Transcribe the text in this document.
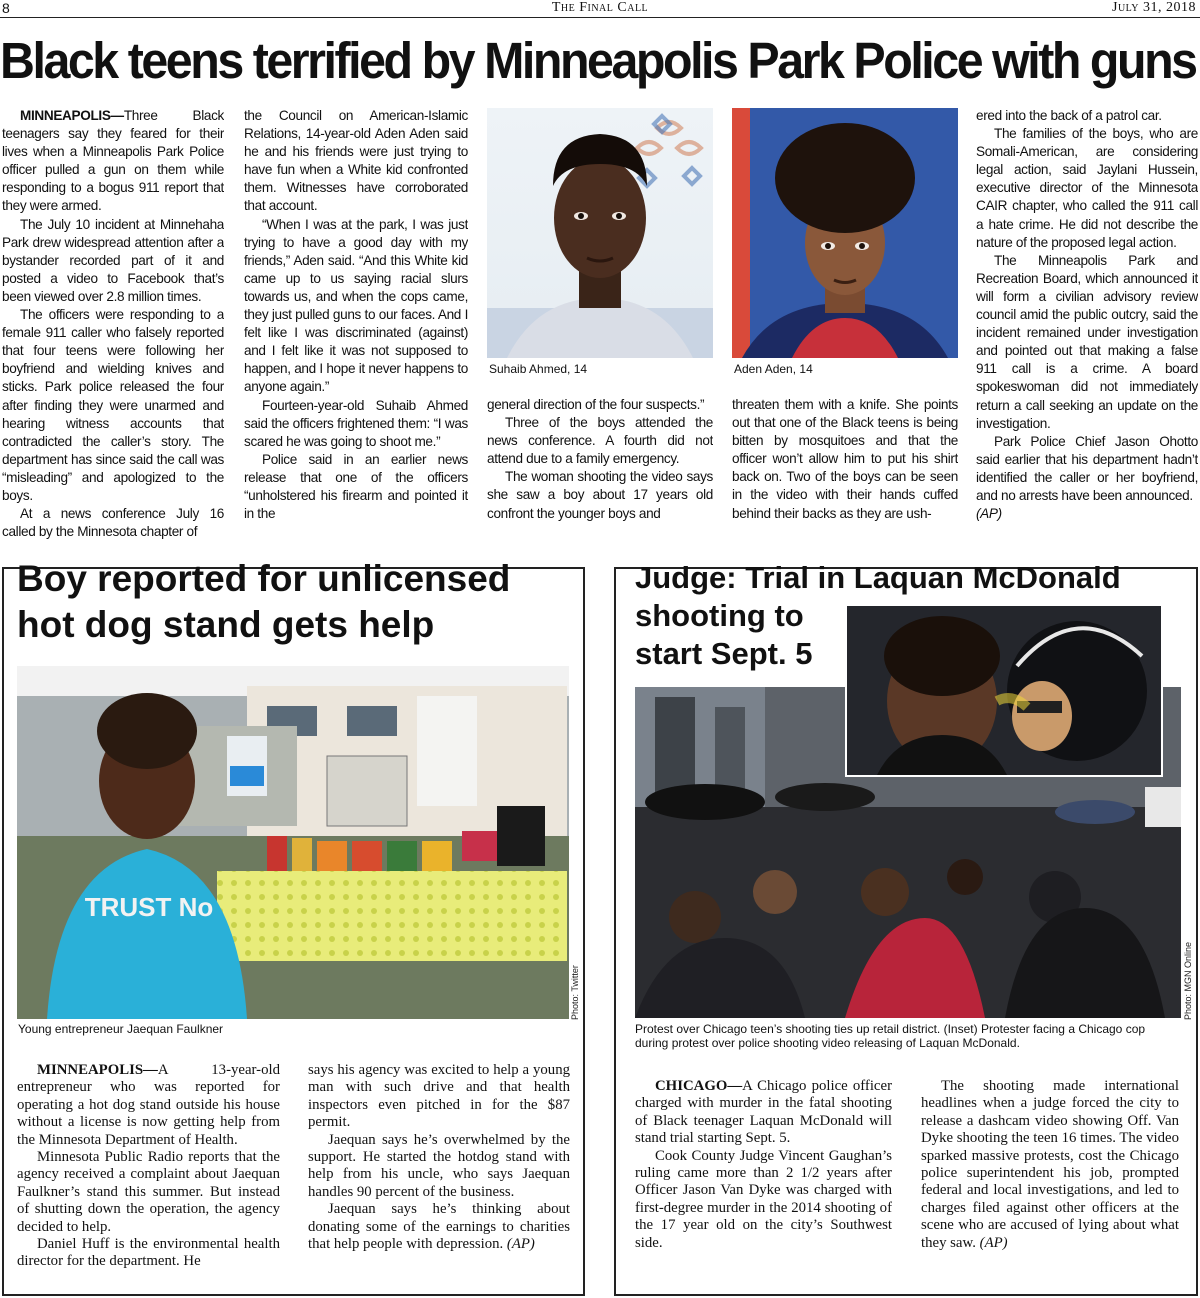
The Final Call
8	July 31, 2018
Black teens terrified by Minneapolis Park Police with guns

MINNEAPOLIS—Three Black teenagers say they feared for their lives when a Minneapolis Park Police officer pulled a gun on them while responding to a bogus 911 report that they were armed.

The July 10 incident at Minnehaha Park drew widespread attention after a bystander recorded part of it and posted a video to Facebook that’s been viewed over 2.8 million times.

The officers were responding to a female 911 caller who falsely reported that four teens were following her boyfriend and wielding knives and sticks. Park police released the four after finding they were unarmed and hearing witness accounts that contradicted the caller’s story. The department has since said the call was “misleading” and apologized to the boys.

At a news conference July 16 called by the Minnesota chapter of

the Council on American-Islamic Relations, 14-year-old Aden Aden said he and his friends were just trying to have fun when a White kid confronted them. Witnesses have corroborated that account.

“When I was at the park, I was just trying to have a good day with my friends,” Aden said. “And this White kid came up to us saying racial slurs towards us, and when the cops came, they just pulled guns to our faces. And I felt like I was discriminated (against) and I felt like it was not supposed to happen, and I hope it never happens to anyone again.”

Fourteen-year-old Suhaib Ahmed said the officers frightened them: “I was scared he was going to shoot me.”

Police said in an earlier news release that one of the officers “unholstered his firearm and pointed it in the

Suhaib Ahmed, 14

general direction of the four suspects.”

Three of the boys attended the news conference. A fourth did not attend due to a family emergency.

The woman shooting the video says she saw a boy about 17 years old confront the younger boys and

Aden Aden, 14

threaten them with a knife. She points out that one of the Black teens is being bitten by mosquitoes and that the officer won’t allow him to put his shirt back on. Two of the boys can be seen in the video with their hands cuffed behind their backs as they are ush-

ered into the back of a patrol car.

The families of the boys, who are Somali-American, are considering legal action, said Jaylani Hussein, executive director of the Minnesota CAIR chapter, who called the 911 call a hate crime. He did not describe the nature of the proposed legal action.

The Minneapolis Park and Recreation Board, which announced it will form a civilian advisory review council amid the public outcry, said the incident remained under investigation and pointed out that making a false 911 call is a crime. A board spokeswoman did not immediately return a call seeking an update on the investigation.

Park Police Chief Jason Ohotto said earlier that his department hadn’t identified the caller or her boyfriend, and no arrests have been announced.
(AP)

Boy reported for unlicensed hot dog stand gets help
TRUST No
Photo: Twitter
Young entrepreneur Jaequan Faulkner

MINNEAPOLIS—A 13-year-old entrepreneur who was reported for operating a hot dog stand outside his house without a license is now getting help from the Minnesota Department of Health.

Minnesota Public Radio reports that the agency received a complaint about Jaequan Faulkner’s stand this summer. But instead of shutting down the operation, the agency decided to help.

Daniel Huff is the environmental health director for the department. He

says his agency was excited to help a young man with such drive and that health inspectors even pitched in for the $87 permit.

Jaequan says he’s overwhelmed by the support. He started the hotdog stand with help from his uncle, who says Jaequan handles 90 percent of the business.

Jaequan says he’s thinking about donating some of the earnings to charities that help people with depression. (AP)

Judge: Trial in Laquan McDonald
shooting to
start Sept. 5
Photo: MGN Online
Protest over Chicago teen’s shooting ties up retail district. (Inset) Protester facing a Chicago cop during protest over police shooting video releasing of Laquan McDonald.

CHICAGO—A Chicago police officer charged with murder in the fatal shooting of Black teenager Laquan McDonald will stand trial starting Sept. 5.

Cook County Judge Vincent Gaughan’s ruling came more than 2 1/2 years after Officer Jason Van Dyke was charged with first-degree murder in the 2014 shooting of the 17 year old on the city’s Southwest side.

The shooting made international headlines when a judge forced the city to release a dashcam video showing Off. Van Dyke shooting the teen 16 times. The video sparked massive protests, cost the Chicago police superintendent his job, prompted federal and local investigations, and led to charges filed against other officers at the scene who are accused of lying about what they saw. (AP)
